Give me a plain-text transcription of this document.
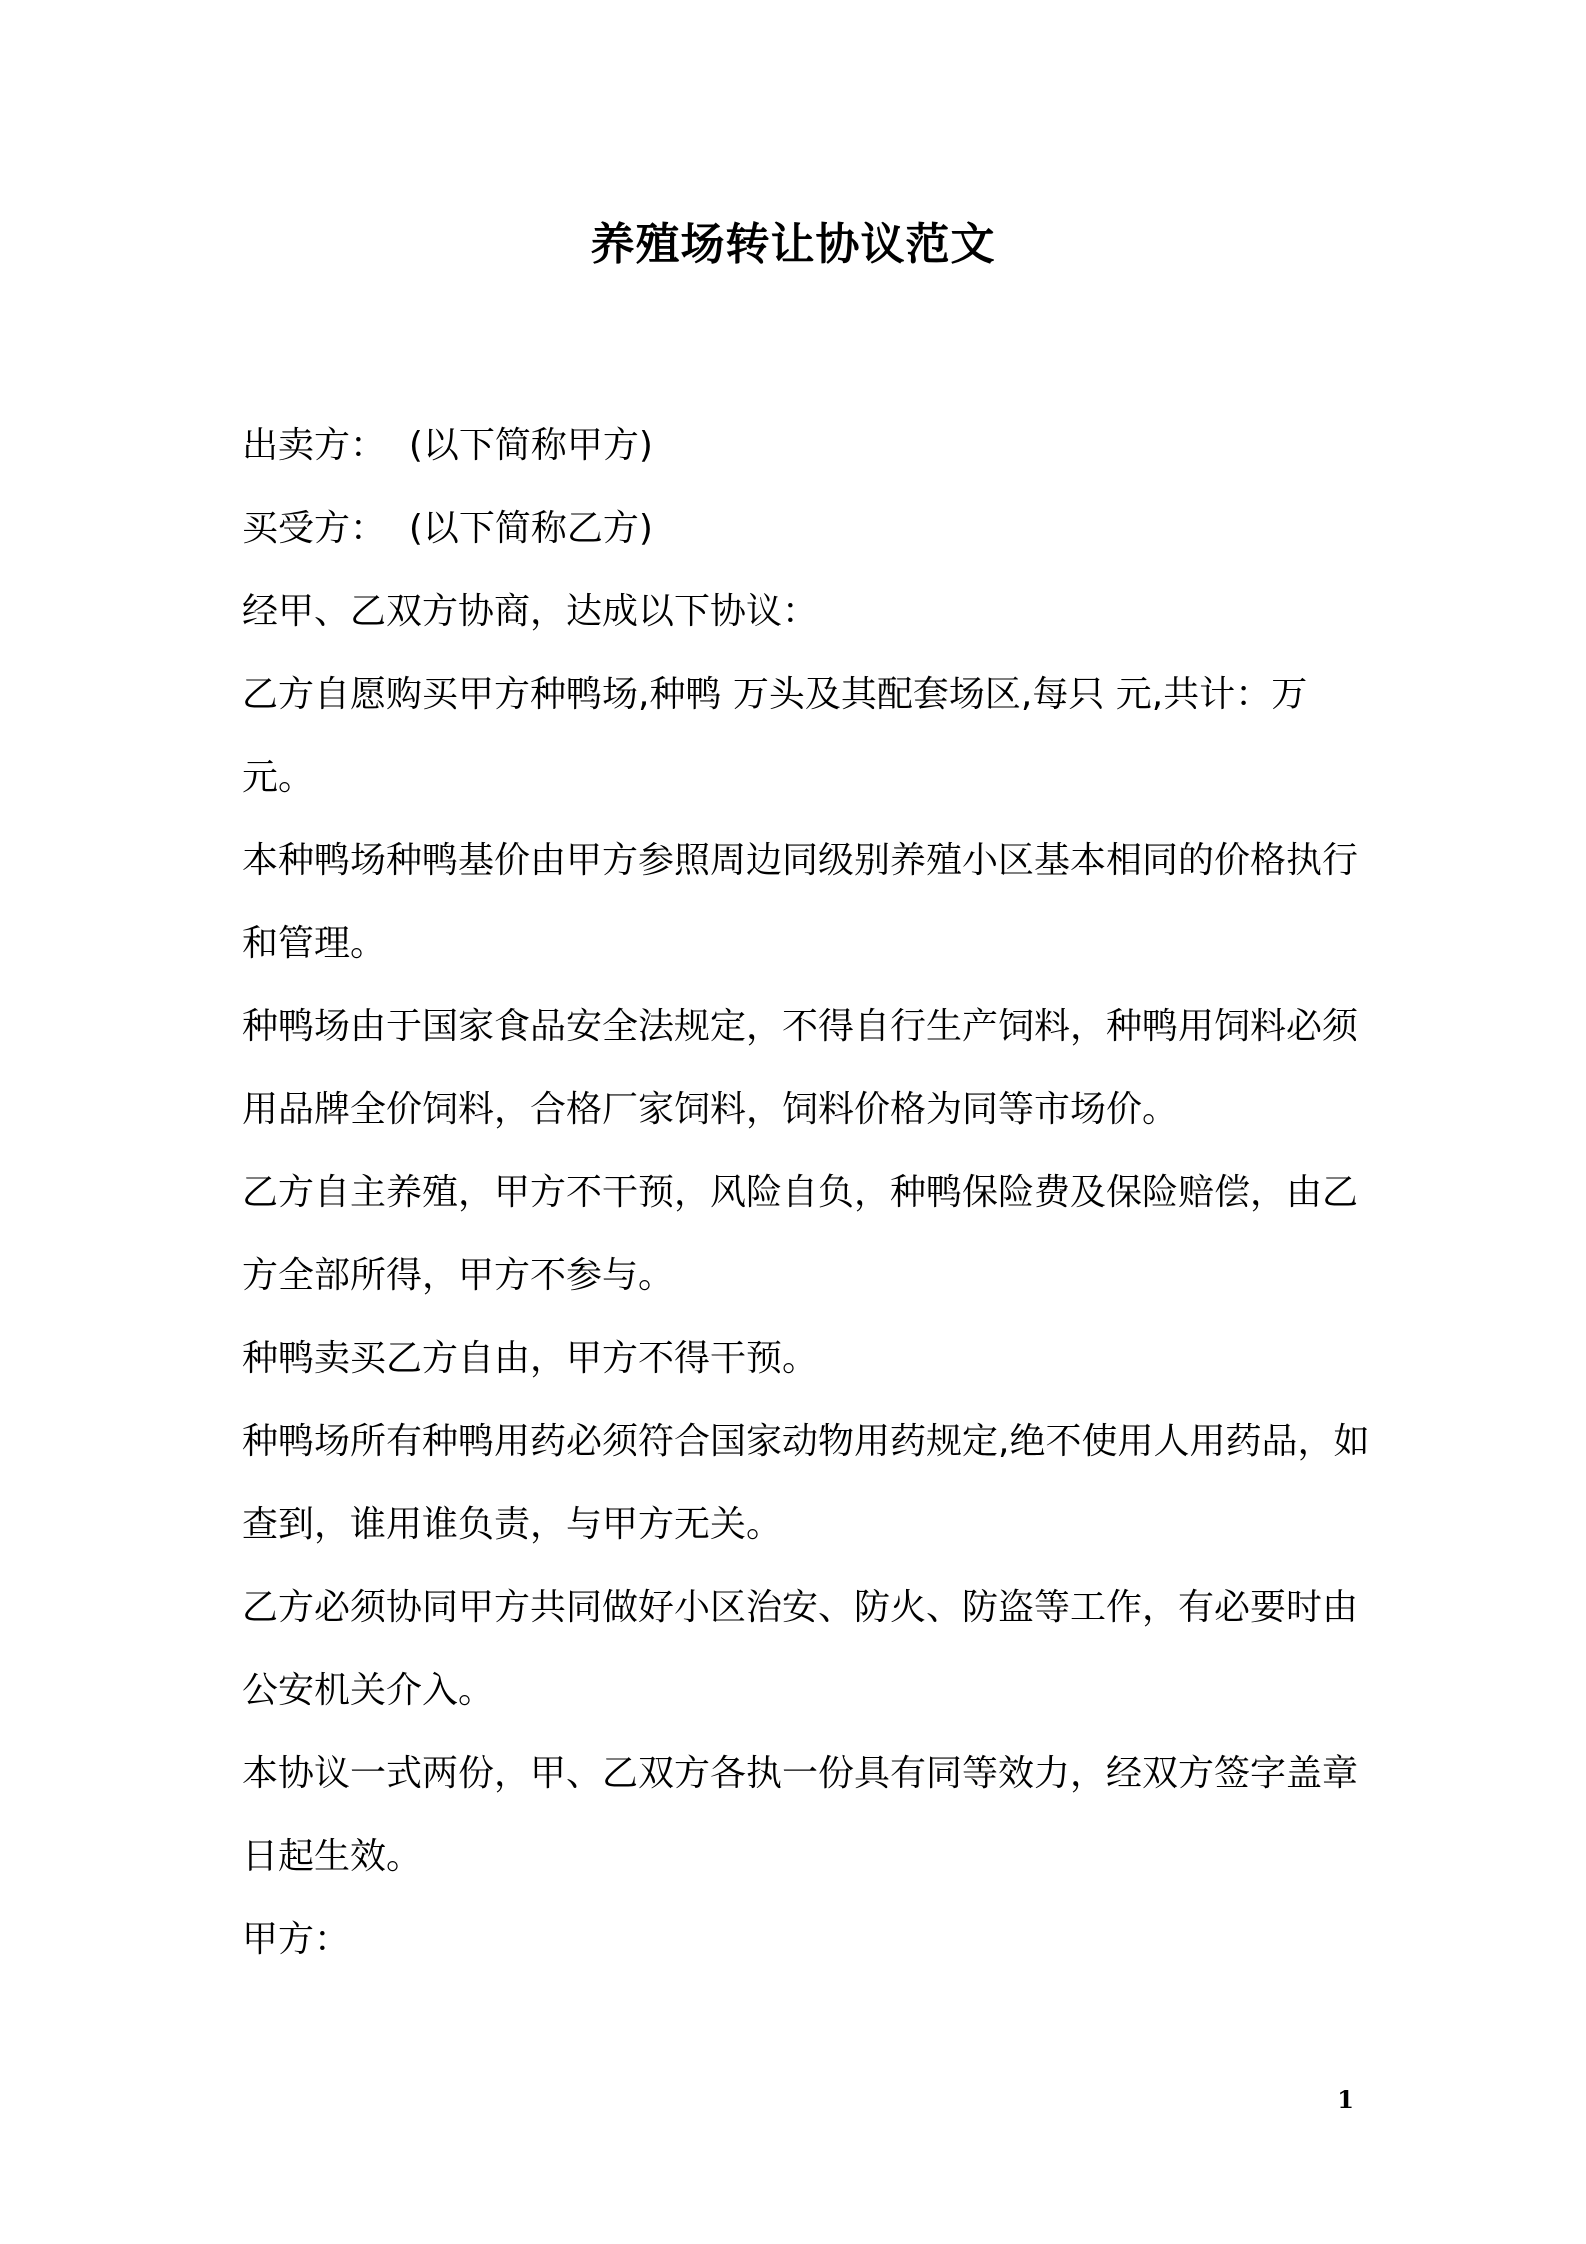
养殖场转让协议范文

出卖方：  (以下简称甲方)

买受方：  (以下简称乙方)

经甲、乙双方协商，达成以下协议：

乙方自愿购买甲方种鸭场,种鸭 万头及其配套场区,每只 元,共计：万元。

本种鸭场种鸭基价由甲方参照周边同级别养殖小区基本相同的价格执行和管理。

种鸭场由于国家食品安全法规定，不得自行生产饲料，种鸭用饲料必须用品牌全价饲料，合格厂家饲料，饲料价格为同等市场价。

乙方自主养殖，甲方不干预，风险自负，种鸭保险费及保险赔偿，由乙方全部所得，甲方不参与。

种鸭卖买乙方自由，甲方不得干预。

种鸭场所有种鸭用药必须符合国家动物用药规定,绝不使用人用药品，如查到，谁用谁负责，与甲方无关。

乙方必须协同甲方共同做好小区治安、防火、防盗等工作，有必要时由公安机关介入。

本协议一式两份，甲、乙双方各执一份具有同等效力，经双方签字盖章日起生效。

甲方：

1
